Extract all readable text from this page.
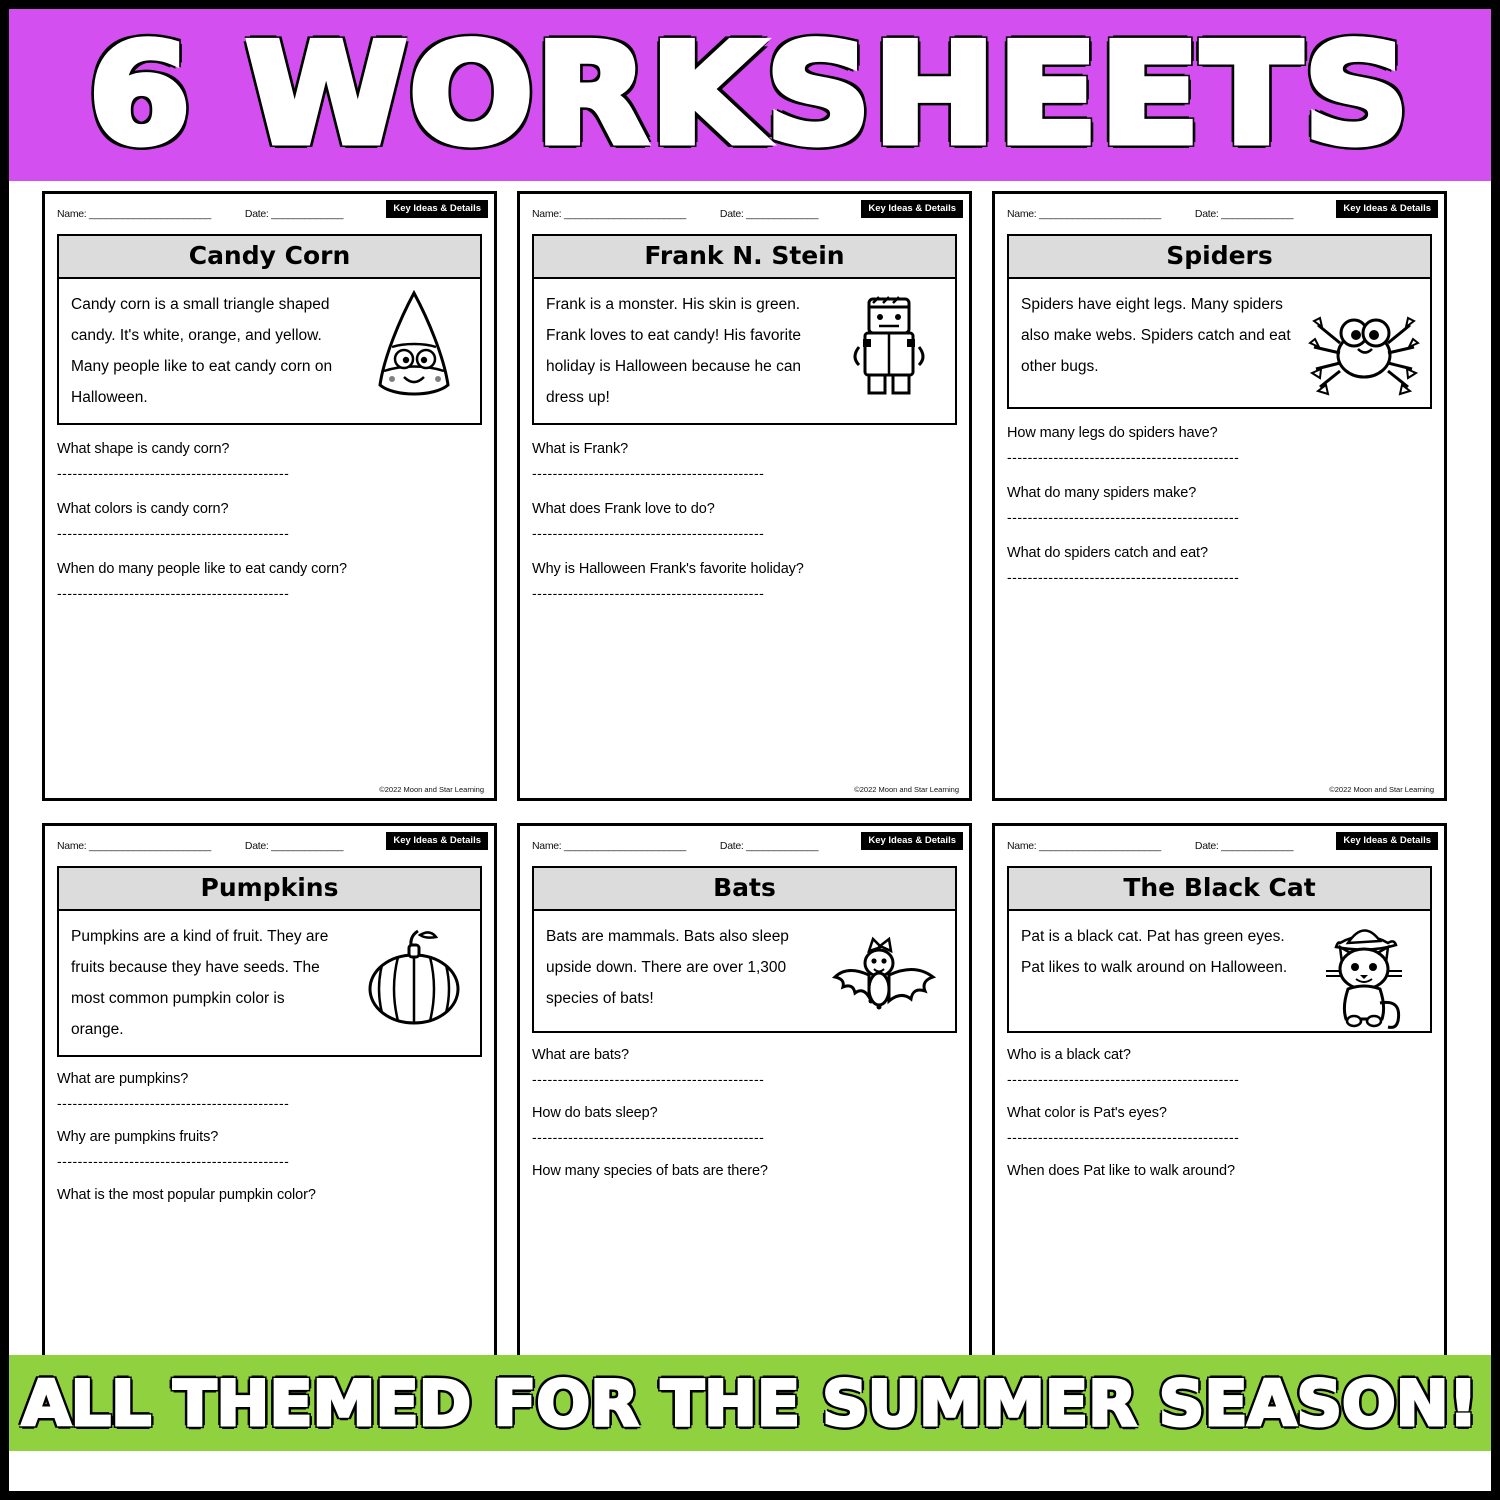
6 WORKSHEETS
Name: ______________________	Date: _____________	Key Ideas & Details
Candy Corn
Candy corn is a small triangle shaped candy. It's white, orange, and yellow. Many people like to eat candy corn on Halloween.
What shape is candy corn?
---------------------------------------------
What colors is candy corn?
---------------------------------------------
When do many people like to eat candy corn?
---------------------------------------------
©2022 Moon and Star Learning
Name: ______________________	Date: _____________	Key Ideas & Details
Frank N. Stein
Frank is a monster. His skin is green. Frank loves to eat candy! His favorite holiday is Halloween because he can dress up!
What is Frank?
---------------------------------------------
What does Frank love to do?
---------------------------------------------
Why is Halloween Frank's favorite holiday?
---------------------------------------------
©2022 Moon and Star Learning
Name: ______________________	Date: _____________	Key Ideas & Details
Spiders
Spiders have eight legs. Many spiders also make webs. Spiders catch and eat other bugs.
How many legs do spiders have?
---------------------------------------------
What do many spiders make?
---------------------------------------------
What do spiders catch and eat?
---------------------------------------------
©2022 Moon and Star Learning
Name: ______________________	Date: _____________	Key Ideas & Details
Pumpkins
Pumpkins are a kind of fruit. They are fruits because they have seeds. The most common pumpkin color is orange.
What are pumpkins?
---------------------------------------------
Why are pumpkins fruits?
---------------------------------------------
What is the most popular pumpkin color?
Name: ______________________	Date: _____________	Key Ideas & Details
Bats
Bats are mammals. Bats also sleep upside down. There are over 1,300 species of bats!
What are bats?
---------------------------------------------
How do bats sleep?
---------------------------------------------
How many species of bats are there?
Name: ______________________	Date: _____________	Key Ideas & Details
The Black Cat
Pat is a black cat. Pat has green eyes. Pat likes to walk around on Halloween.
Who is a black cat?
---------------------------------------------
What color is Pat's eyes?
---------------------------------------------
When does Pat like to walk around?
ALL THEMED FOR THE SUMMER SEASON!
